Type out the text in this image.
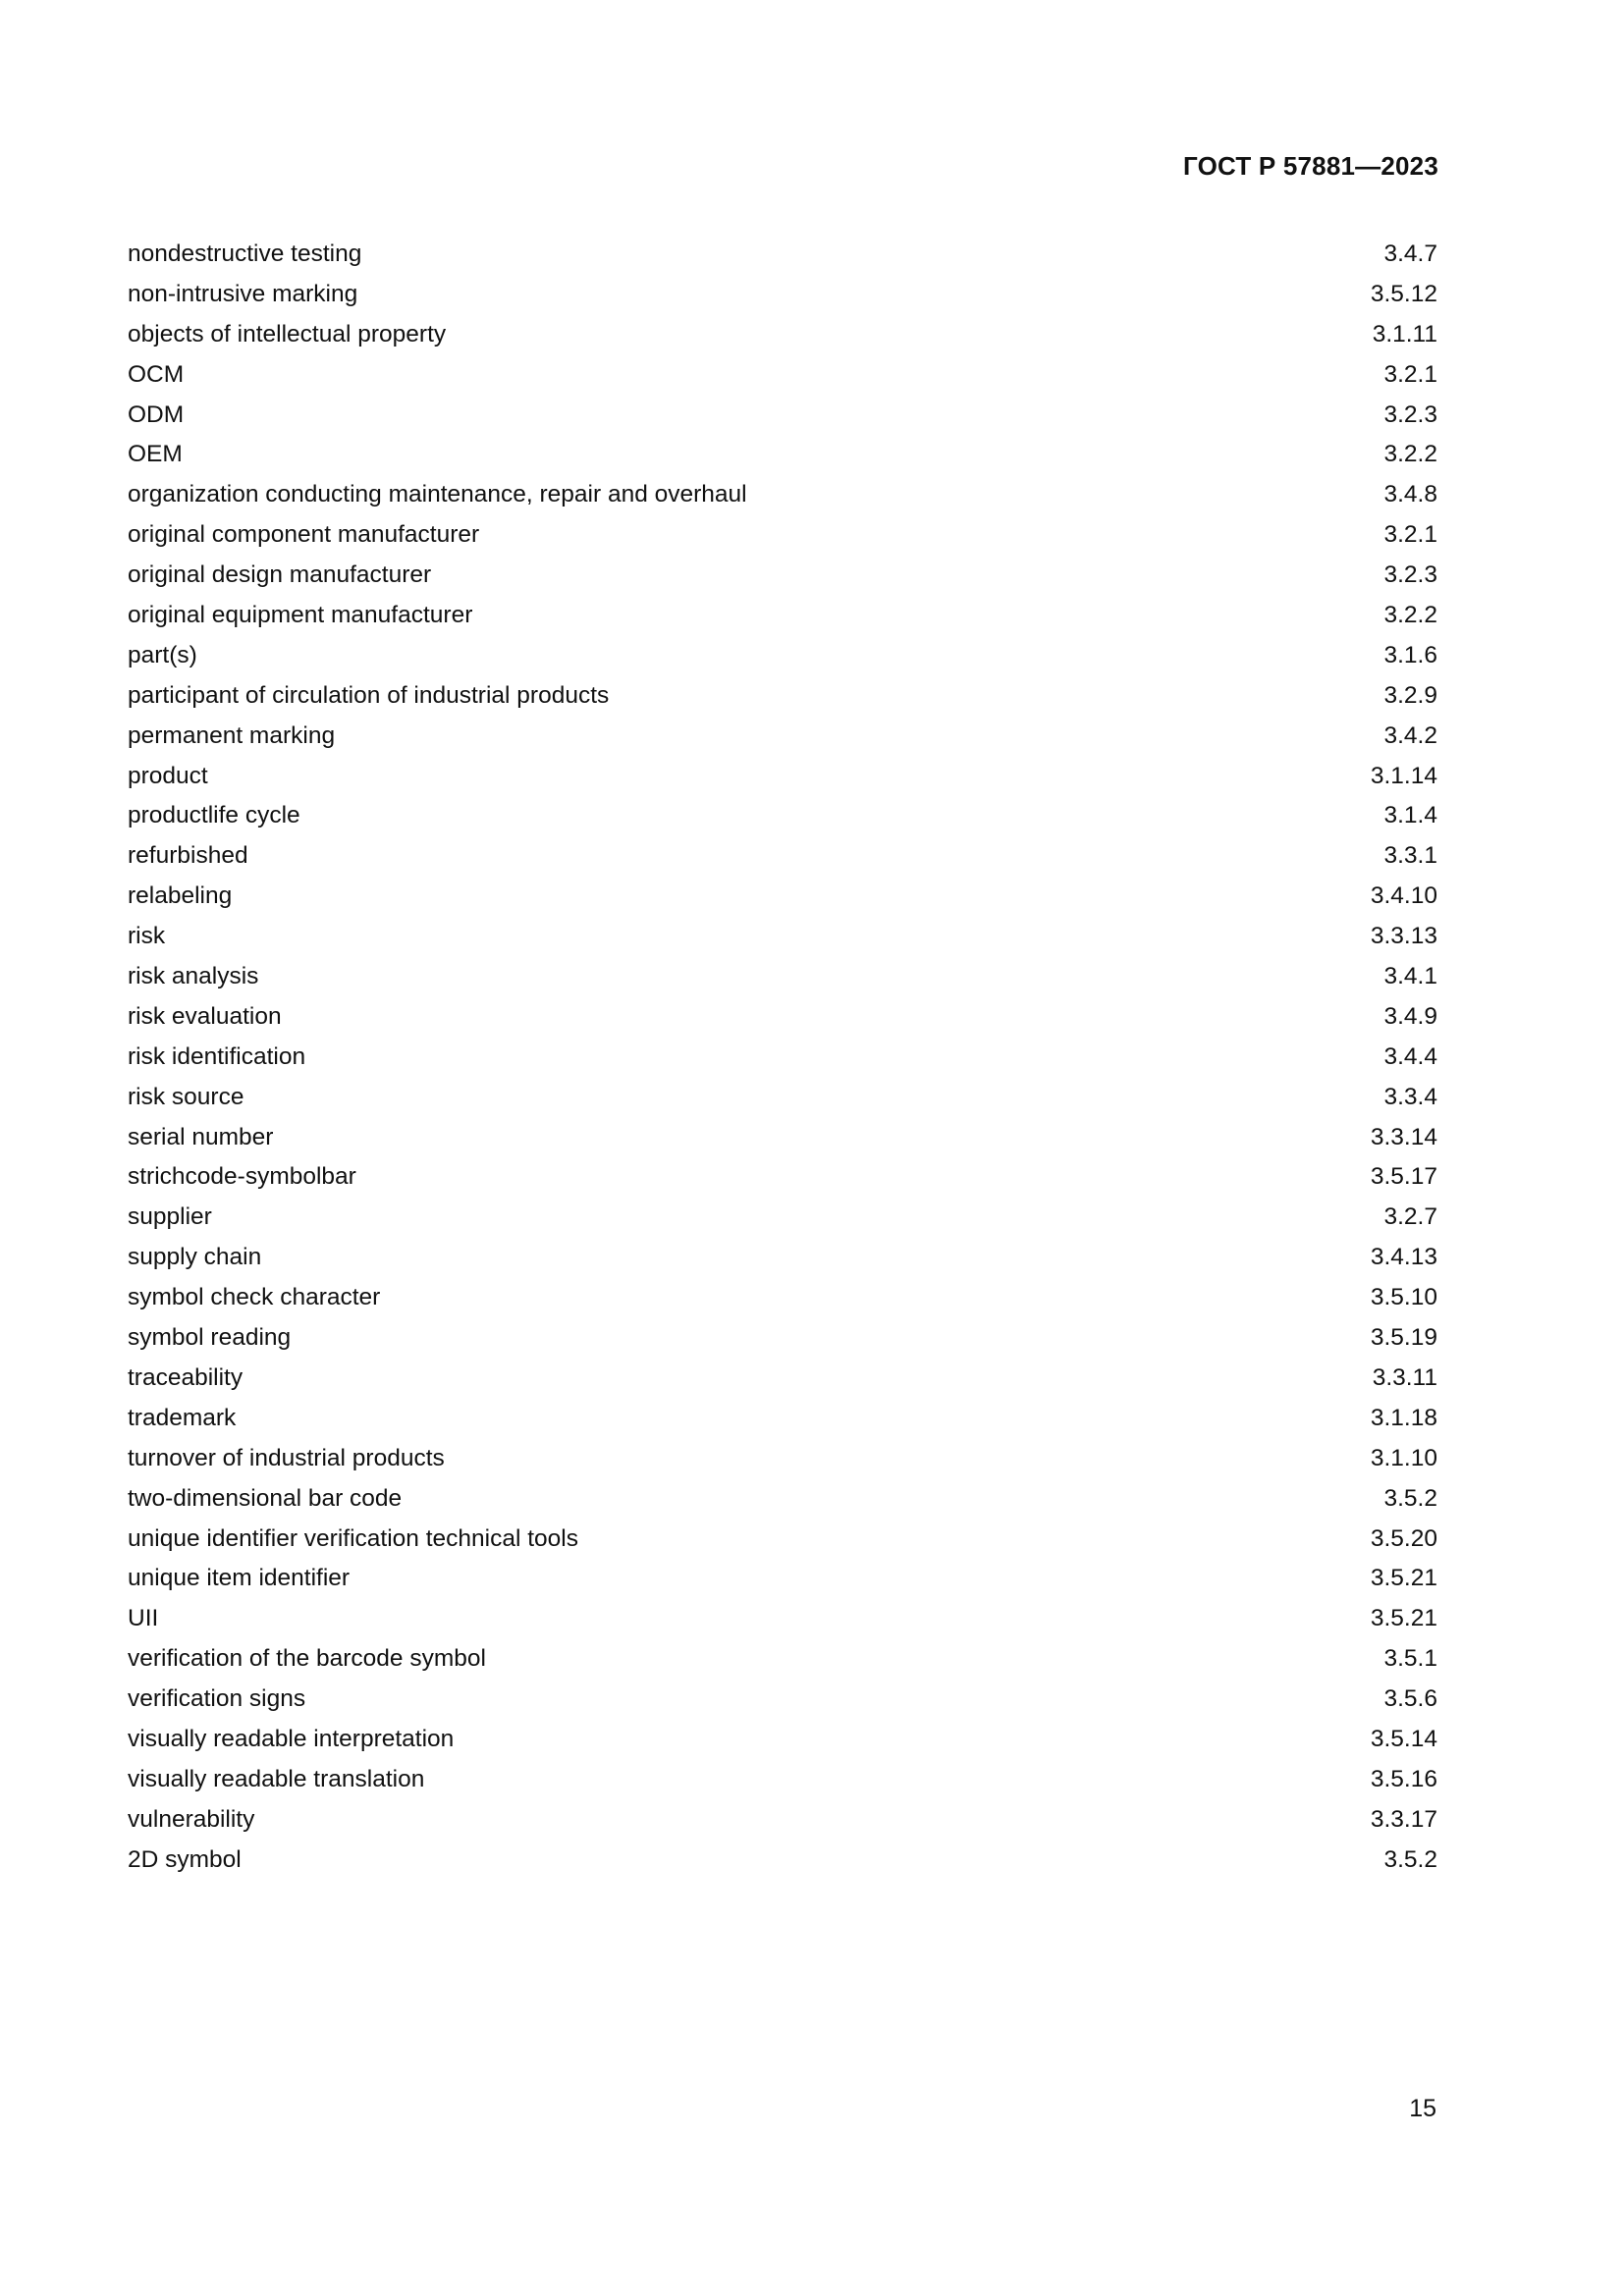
ГОСТ Р 57881—2023
nondestructive testing	3.4.7
non-intrusive marking	3.5.12
objects of intellectual property	3.1.11
OCM	3.2.1
ODM	3.2.3
OEM	3.2.2
organization conducting maintenance, repair and overhaul	3.4.8
original component manufacturer	3.2.1
original design manufacturer	3.2.3
original equipment manufacturer	3.2.2
part(s)	3.1.6
participant of circulation of industrial products	3.2.9
permanent marking	3.4.2
product	3.1.14
productlife cycle	3.1.4
refurbished	3.3.1
relabeling	3.4.10
risk	3.3.13
risk analysis	3.4.1
risk evaluation	3.4.9
risk identification	3.4.4
risk source	3.3.4
serial number	3.3.14
strichcode-symbolbar	3.5.17
supplier	3.2.7
supply chain	3.4.13
symbol check character	3.5.10
symbol reading	3.5.19
traceability	3.3.11
trademark	3.1.18
turnover of industrial products	3.1.10
two-dimensional bar code	3.5.2
unique identifier verification technical tools	3.5.20
unique item identifier	3.5.21
UII	3.5.21
verification of the barcode symbol	3.5.1
verification signs	3.5.6
visually readable interpretation	3.5.14
visually readable translation	3.5.16
vulnerability	3.3.17
2D symbol	3.5.2
15
